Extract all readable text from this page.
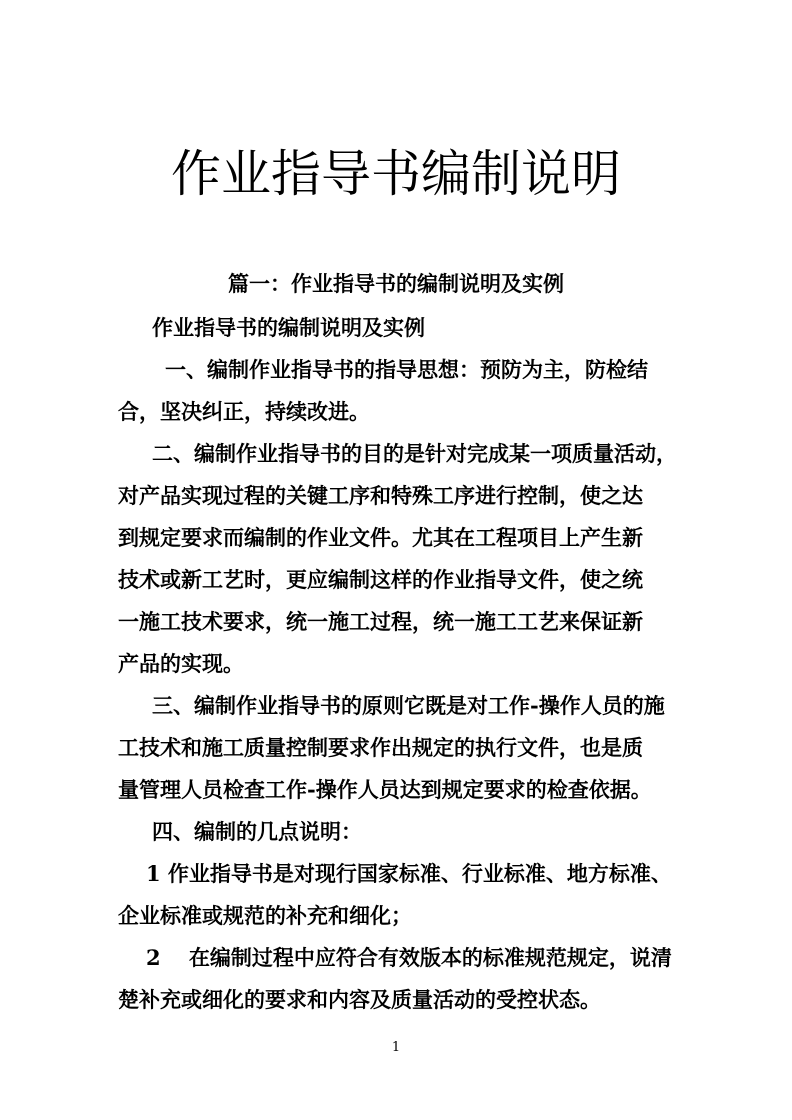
作业指导书编制说明

篇一：作业指导书的编制说明及实例

作业指导书的编制说明及实例

一、编制作业指导书的指导思想：预防为主，防检结

合，坚决纠正，持续改进。

二、编制作业指导书的目的是针对完成某一项质量活动，

对产品实现过程的关键工序和特殊工序进行控制，使之达

到规定要求而编制的作业文件。尤其在工程项目上产生新

技术或新工艺时，更应编制这样的作业指导文件，使之统

一施工技术要求，统一施工过程，统一施工工艺来保证新

产品的实现。

三、编制作业指导书的原则它既是对工作-操作人员的施

工技术和施工质量控制要求作出规定的执行文件，也是质

量管理人员检查工作-操作人员达到规定要求的检查依据。

四、编制的几点说明：

1 作业指导书是对现行国家标准、行业标准、地方标准、

企业标准或规范的补充和细化；

2　 在编制过程中应符合有效版本的标准规范规定，说清

楚补充或细化的要求和内容及质量活动的受控状态。

1
